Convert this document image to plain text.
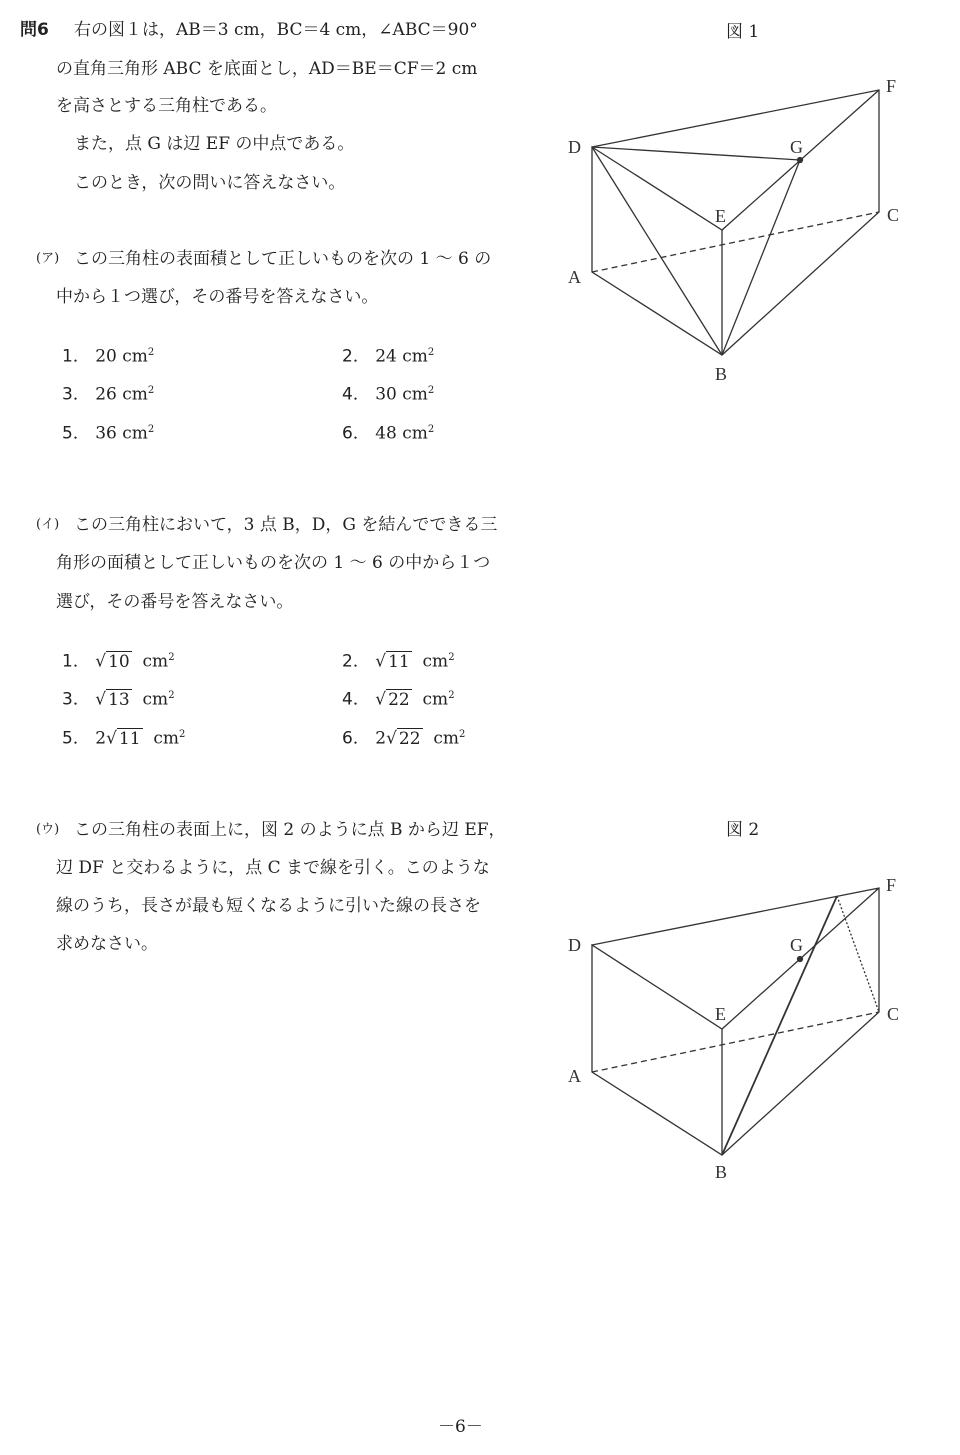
問6 右の図１は，AB＝3 cm，BC＝4 cm，∠ABC＝90°
の直角三角形 ABC を底面とし，AD＝BE＝CF＝2 cm
を高さとする三角柱である。
また，点 G は辺 EF の中点である。
このとき，次の問いに答えなさい。
(ア) この三角柱の表面積として正しいものを次の 1 ～ 6 の
中から１つ選び，その番号を答えなさい。
1． 20 $cm^2$	2． 24 $cm^2$
3． 26 $cm^2$	4． 30 $cm^2$
5． 36 $cm^2$	6． 48 $cm^2$
(イ) この三角柱において，3 点 B，D，G を結んでできる三
角形の面積として正しいものを次の 1 ～ 6 の中から１つ
選び，その番号を答えなさい。
1． √ 10 $cm^2$	2． √ 11 $cm^2$
3． √ 13 $cm^2$	4． √ 22 $cm^2$
5． 2√ 11 $cm^2$	6． 2√ 22 $cm^2$
(ウ) この三角柱の表面上に，図 2 のように点 B から辺 EF，
辺 DF と交わるように，点 C まで線を引く。このような
線のうち，長さが最も短くなるように引いた線の長さを
求めなさい。
図 1
図 2
D
F
G
E	C
A
B
D
F
G
E	C
A
B
－6－
